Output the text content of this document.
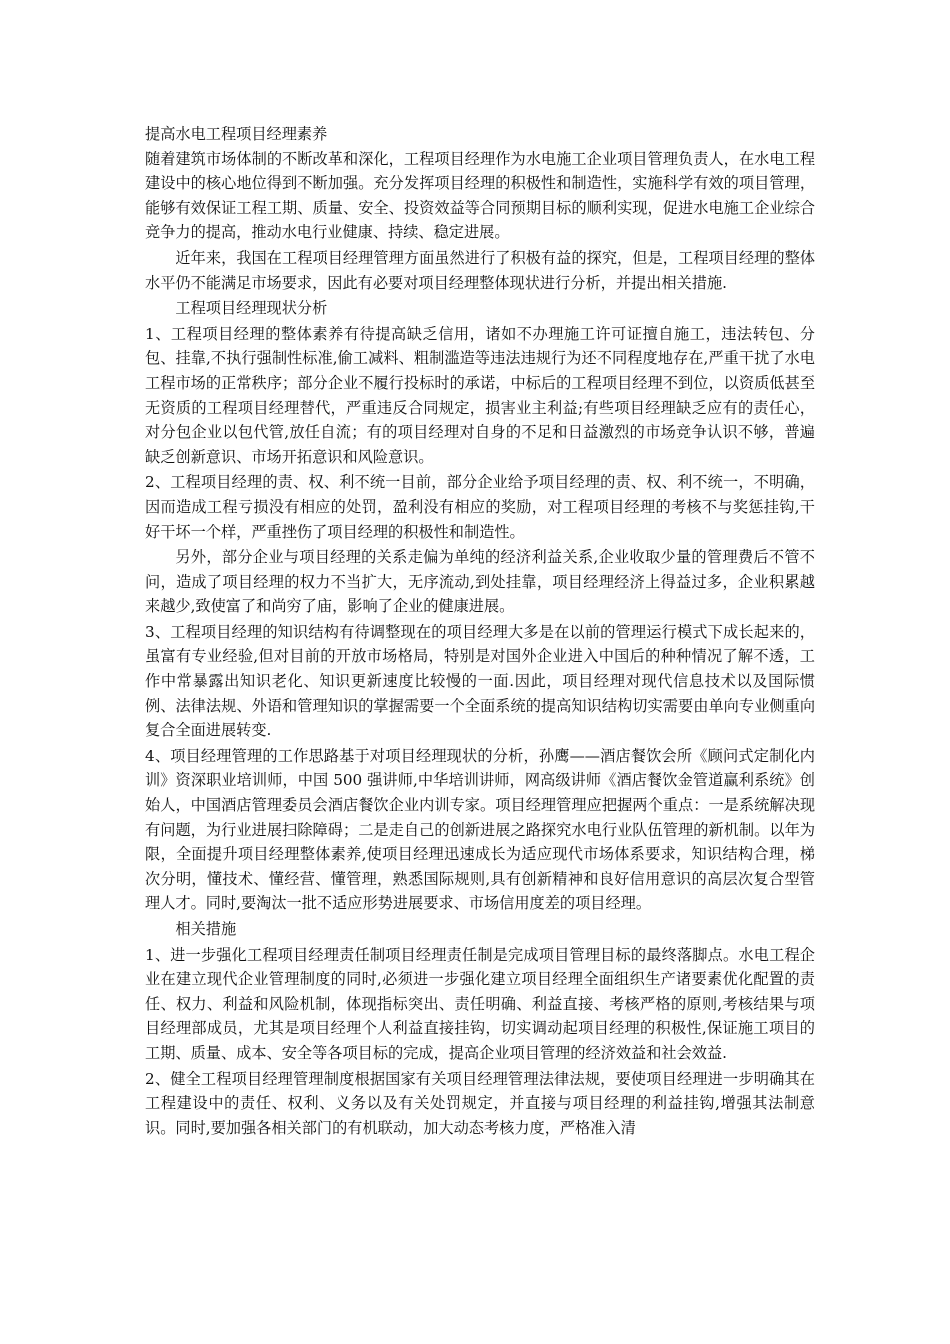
提高水电工程项目经理素养

随着建筑市场体制的不断改革和深化，工程项目经理作为水电施工企业项目管理负责人，在水电工程建设中的核心地位得到不断加强。充分发挥项目经理的积极性和制造性，实施科学有效的项目管理，能够有效保证工程工期、质量、安全、投资效益等合同预期目标的顺利实现，促进水电施工企业综合竞争力的提高，推动水电行业健康、持续、稳定进展。

近年来，我国在工程项目经理管理方面虽然进行了积极有益的探究，但是，工程项目经理的整体水平仍不能满足市场要求，因此有必要对项目经理整体现状进行分析，并提出相关措施.

工程项目经理现状分析

1、工程项目经理的整体素养有待提高缺乏信用，诸如不办理施工许可证擅自施工，违法转包、分包、挂靠,不执行强制性标准,偷工减料、粗制滥造等违法违规行为还不同程度地存在,严重干扰了水电工程市场的正常秩序；部分企业不履行投标时的承诺，中标后的工程项目经理不到位，以资质低甚至无资质的工程项目经理替代，严重违反合同规定，损害业主利益;有些项目经理缺乏应有的责任心，对分包企业以包代管,放任自流；有的项目经理对自身的不足和日益激烈的市场竞争认识不够，普遍缺乏创新意识、市场开拓意识和风险意识。

2、工程项目经理的责、权、利不统一目前，部分企业给予项目经理的责、权、利不统一，不明确，因而造成工程亏损没有相应的处罚，盈利没有相应的奖励，对工程项目经理的考核不与奖惩挂钩,干好干坏一个样，严重挫伤了项目经理的积极性和制造性。

另外，部分企业与项目经理的关系走偏为单纯的经济利益关系,企业收取少量的管理费后不管不问，造成了项目经理的权力不当扩大，无序流动,到处挂靠，项目经理经济上得益过多，企业积累越来越少,致使富了和尚穷了庙，影响了企业的健康进展。

3、工程项目经理的知识结构有待调整现在的项目经理大多是在以前的管理运行模式下成长起来的，虽富有专业经验,但对目前的开放市场格局，特别是对国外企业进入中国后的种种情况了解不透，工作中常暴露出知识老化、知识更新速度比较慢的一面.因此，项目经理对现代信息技术以及国际惯例、法律法规、外语和管理知识的掌握需要一个全面系统的提高知识结构切实需要由单向专业侧重向复合全面进展转变.

4、项目经理管理的工作思路基于对项目经理现状的分析，孙鹰——酒店餐饮会所《顾问式定制化内训》资深职业培训师，中国 500 强讲师,中华培训讲师，网高级讲师《酒店餐饮金管道赢利系统》创始人，中国酒店管理委员会酒店餐饮企业内训专家。项目经理管理应把握两个重点：一是系统解决现有问题，为行业进展扫除障碍；二是走自己的创新进展之路探究水电行业队伍管理的新机制。以年为限，全面提升项目经理整体素养,使项目经理迅速成长为适应现代市场体系要求，知识结构合理，梯次分明，懂技术、懂经营、懂管理，熟悉国际规则,具有创新精神和良好信用意识的高层次复合型管理人才。同时,要淘汰一批不适应形势进展要求、市场信用度差的项目经理。

相关措施

1、进一步强化工程项目经理责任制项目经理责任制是完成项目管理目标的最终落脚点。水电工程企业在建立现代企业管理制度的同时,必须进一步强化建立项目经理全面组织生产诸要素优化配置的责任、权力、利益和风险机制，体现指标突出、责任明确、利益直接、考核严格的原则,考核结果与项目经理部成员，尤其是项目经理个人利益直接挂钩，切实调动起项目经理的积极性,保证施工项目的工期、质量、成本、安全等各项目标的完成，提高企业项目管理的经济效益和社会效益.

2、健全工程项目经理管理制度根据国家有关项目经理管理法律法规，要使项目经理进一步明确其在工程建设中的责任、权利、义务以及有关处罚规定，并直接与项目经理的利益挂钩,增强其法制意识。同时,要加强各相关部门的有机联动，加大动态考核力度，严格准入清
